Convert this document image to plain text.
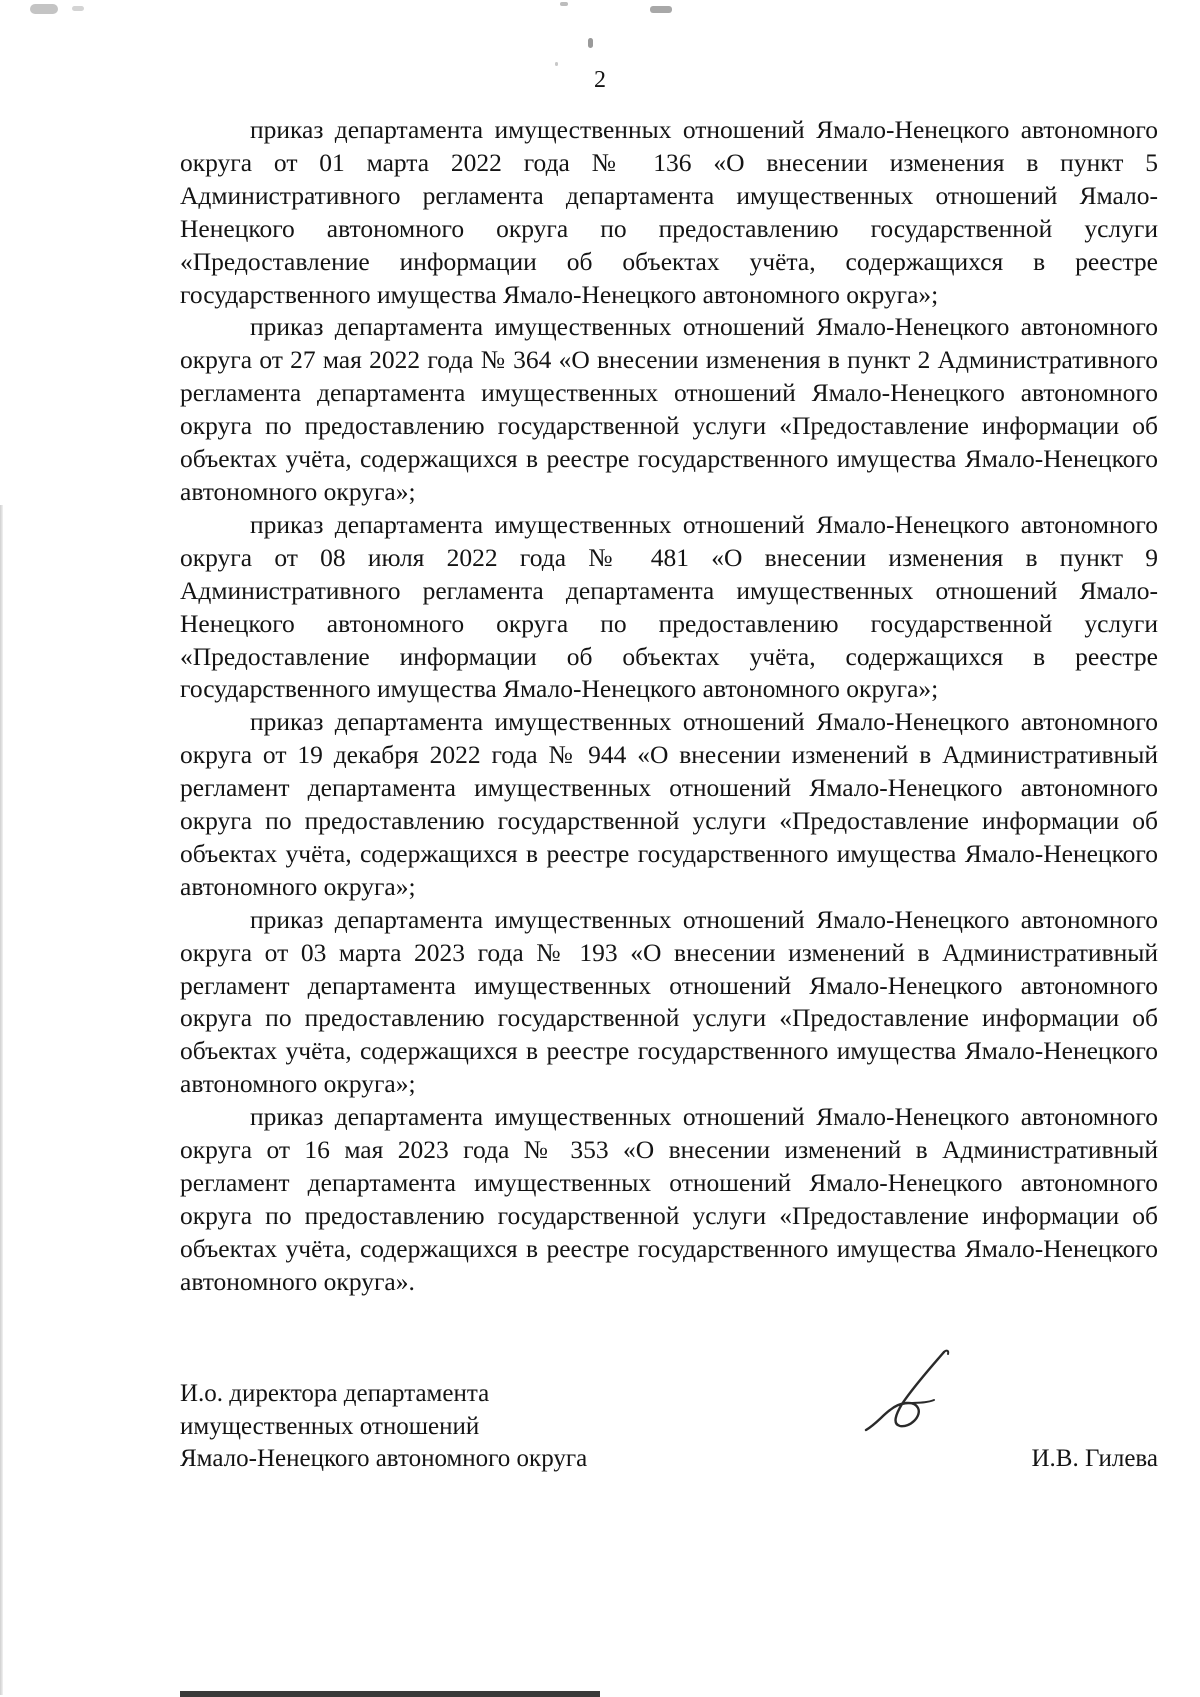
2

приказ департамента имущественных отношений Ямало-Ненецкого автономного округа от 01 марта 2022 года № 136 «О внесении изменения в пункт 5 Административного регламента департамента имущественных отношений Ямало-Ненецкого автономного округа по предоставлению государственной услуги «Предоставление информации об объектах учёта, содержащихся в реестре государственного имущества Ямало-Ненецкого автономного округа»;

приказ департамента имущественных отношений Ямало-Ненецкого автономного округа от 27 мая 2022 года № 364 «О внесении изменения в пункт 2 Административного регламента департамента имущественных отношений Ямало-Ненецкого автономного округа по предоставлению государственной услуги «Предоставление информации об объектах учёта, содержащихся в реестре государственного имущества Ямало-Ненецкого автономного округа»;

приказ департамента имущественных отношений Ямало-Ненецкого автономного округа от 08 июля 2022 года № 481 «О внесении изменения в пункт 9 Административного регламента департамента имущественных отношений Ямало-Ненецкого автономного округа по предоставлению государственной услуги «Предоставление информации об объектах учёта, содержащихся в реестре государственного имущества Ямало-Ненецкого автономного округа»;

приказ департамента имущественных отношений Ямало-Ненецкого автономного округа от 19 декабря 2022 года № 944 «О внесении изменений в Административный регламент департамента имущественных отношений Ямало-Ненецкого автономного округа по предоставлению государственной услуги «Предоставление информации об объектах учёта, содержащихся в реестре государственного имущества Ямало-Ненецкого автономного округа»;

приказ департамента имущественных отношений Ямало-Ненецкого автономного округа от 03 марта 2023 года № 193 «О внесении изменений в Административный регламент департамента имущественных отношений Ямало-Ненецкого автономного округа по предоставлению государственной услуги «Предоставление информации об объектах учёта, содержащихся в реестре государственного имущества Ямало-Ненецкого автономного округа»;

приказ департамента имущественных отношений Ямало-Ненецкого автономного округа от 16 мая 2023 года № 353 «О внесении изменений в Административный регламент департамента имущественных отношений Ямало-Ненецкого автономного округа по предоставлению государственной услуги «Предоставление информации об объектах учёта, содержащихся в реестре государственного имущества Ямало-Ненецкого автономного округа».

И.о. директора департамента
имущественных отношений
Ямало-Ненецкого автономного округа	И.В. Гилева
